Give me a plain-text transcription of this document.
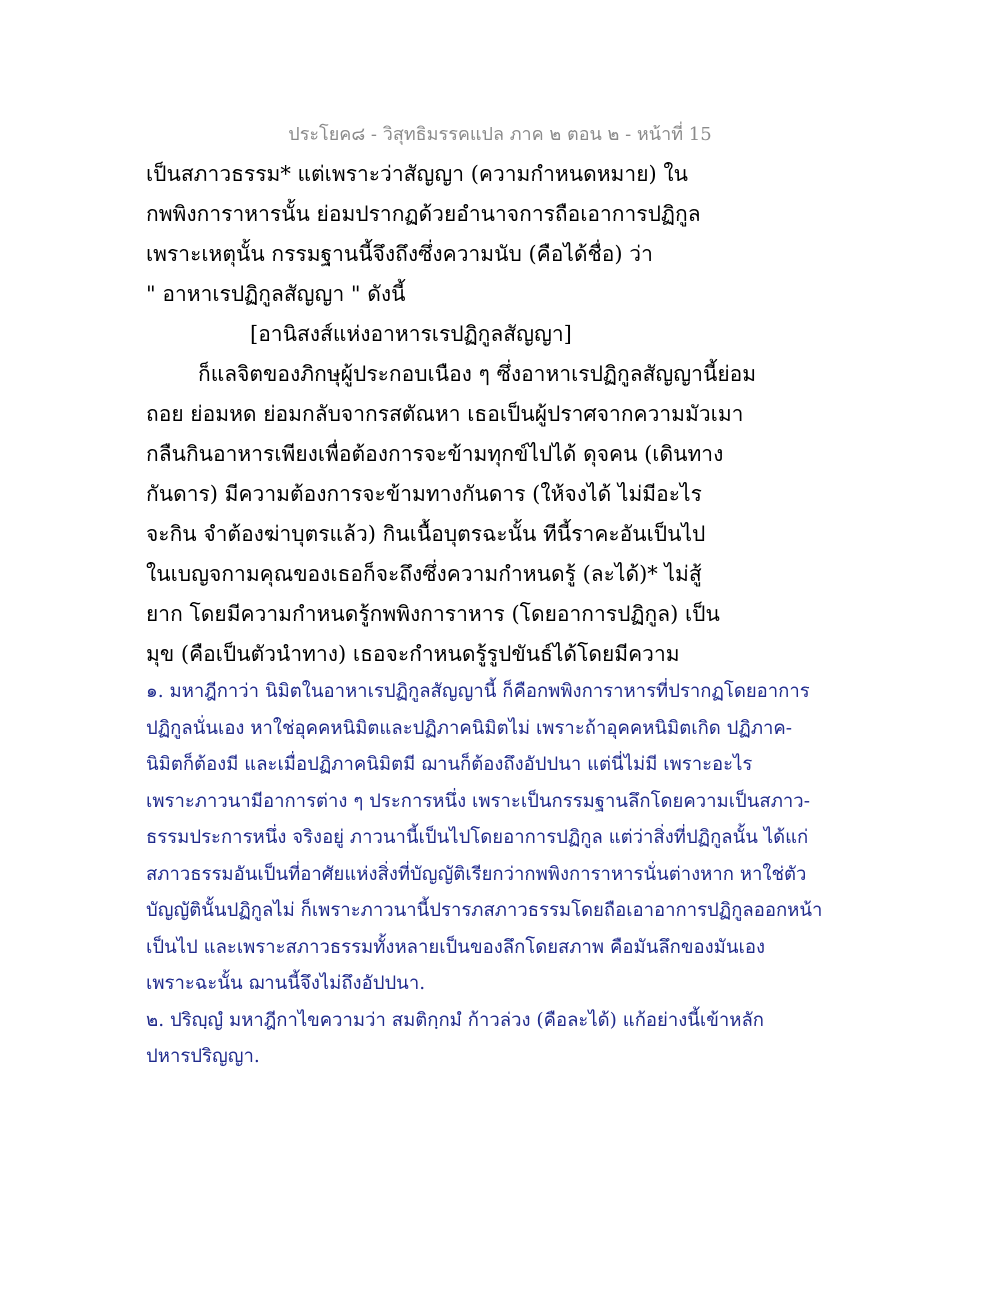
ประโยค๘ - วิสุทธิมรรคแปล ภาค ๒ ตอน ๒ - หน้าที่ 15
เป็นสภาวธรรม* แต่เพราะว่าสัญญา (ความกำหนดหมาย) ใน
กพพิงการาหารนั้น ย่อมปรากฏด้วยอำนาจการถือเอาการปฏิกูล
เพราะเหตุนั้น กรรมฐานนี้จึงถึงซึ่งความนับ (คือได้ชื่อ) ว่า
" อาหาเรปฏิกูลสัญญา " ดังนี้
[อานิสงส์แห่งอาหารเรปฏิกูลสัญญา]
ก็แลจิตของภิกษุผู้ประกอบเนือง ๆ ซึ่งอาหาเรปฏิกูลสัญญานี้ย่อม
ถอย ย่อมหด ย่อมกลับจากรสตัณหา เธอเป็นผู้ปราศจากความมัวเมา
กลืนกินอาหารเพียงเพื่อต้องการจะข้ามทุกข์ไปได้ ดุจคน (เดินทาง
กันดาร) มีความต้องการจะข้ามทางกันดาร (ให้จงได้ ไม่มีอะไร
จะกิน จำต้องฆ่าบุตรแล้ว) กินเนื้อบุตรฉะนั้น ทีนี้ราคะอันเป็นไป
ในเบญจกามคุณของเธอก็จะถึงซึ่งความกำหนดรู้ (ละได้)* ไม่สู้
ยาก โดยมีความกำหนดรู้กพพิงการาหาร (โดยอาการปฏิกูล) เป็น
มุข (คือเป็นตัวนำทาง) เธอจะกำหนดรู้รูปขันธ์ได้โดยมีความ
๑. มหาฎีกาว่า นิมิตในอาหาเรปฏิกูลสัญญานี้ ก็คือกพพิงการาหารที่ปรากฏโดยอาการ
ปฏิกูลนั่นเอง หาใช่อุคคหนิมิตและปฏิภาคนิมิตไม่ เพราะถ้าอุคคหนิมิตเกิด ปฏิภาค-
นิมิตก็ต้องมี และเมื่อปฏิภาคนิมิตมี ฌานก็ต้องถึงอัปปนา แต่นี่ไม่มี เพราะอะไร
เพราะภาวนามีอาการต่าง ๆ ประการหนึ่ง เพราะเป็นกรรมฐานลึกโดยความเป็นสภาว-
ธรรมประการหนึ่ง จริงอยู่ ภาวนานี้เป็นไปโดยอาการปฏิกูล แต่ว่าสิ่งที่ปฏิกูลนั้น ได้แก่
สภาวธรรมอันเป็นที่อาศัยแห่งสิ่งที่บัญญัติเรียกว่ากพพิงการาหารนั่นต่างหาก หาใช่ตัว
บัญญัตินั้นปฏิกูลไม่ ก็เพราะภาวนานี้ปรารภสภาวธรรมโดยถือเอาอาการปฏิกูลออกหน้า
เป็นไป และเพราะสภาวธรรมทั้งหลายเป็นของลึกโดยสภาพ คือมันลึกของมันเอง
เพราะฉะนั้น ฌานนี้จึงไม่ถึงอัปปนา.
๒. ปริญฺญํ มหาฎีกาไขความว่า สมติกฺกมํ ก้าวล่วง (คือละได้) แก้อย่างนี้เข้าหลัก
ปหารปริญญา.
